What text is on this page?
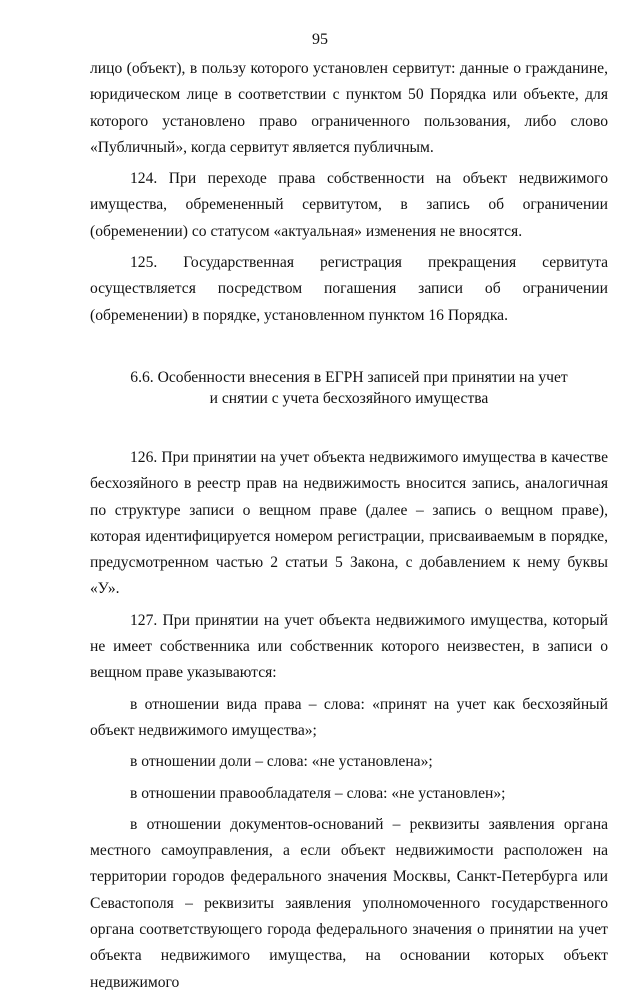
95

лицо (объект), в пользу которого установлен сервитут: данные о гражданине, юридическом лице в соответствии с пунктом 50 Порядка или объекте, для которого установлено право ограниченного пользования, либо слово «Публичный», когда сервитут является публичным.

124. При переходе права собственности на объект недвижимого имущества, обремененный сервитутом, в запись об ограничении (обременении) со статусом «актуальная» изменения не вносятся.

125. Государственная регистрация прекращения сервитута осуществляется посредством погашения записи об ограничении (обременении) в порядке, установленном пунктом 16 Порядка.

6.6. Особенности внесения в ЕГРН записей при принятии на учет
и снятии с учета бесхозяйного имущества

126. При принятии на учет объекта недвижимого имущества в качестве бесхозяйного в реестр прав на недвижимость вносится запись, аналогичная по структуре записи о вещном праве (далее – запись о вещном праве), которая идентифицируется номером регистрации, присваиваемым в порядке, предусмотренном частью 2 статьи 5 Закона, с добавлением к нему буквы «У».

127. При принятии на учет объекта недвижимого имущества, который не имеет собственника или собственник которого неизвестен, в записи о вещном праве указываются:

в отношении вида права – слова: «принят на учет как бесхозяйный объект недвижимого имущества»;

в отношении доли – слова: «не установлена»;

в отношении правообладателя – слова: «не установлен»;

в отношении документов-оснований – реквизиты заявления органа местного самоуправления, а если объект недвижимости расположен на территории городов федерального значения Москвы, Санкт-Петербурга или Севастополя – реквизиты заявления уполномоченного государственного органа соответствующего города федерального значения о принятии на учет объекта недвижимого имущества, на основании которых объект недвижимого
